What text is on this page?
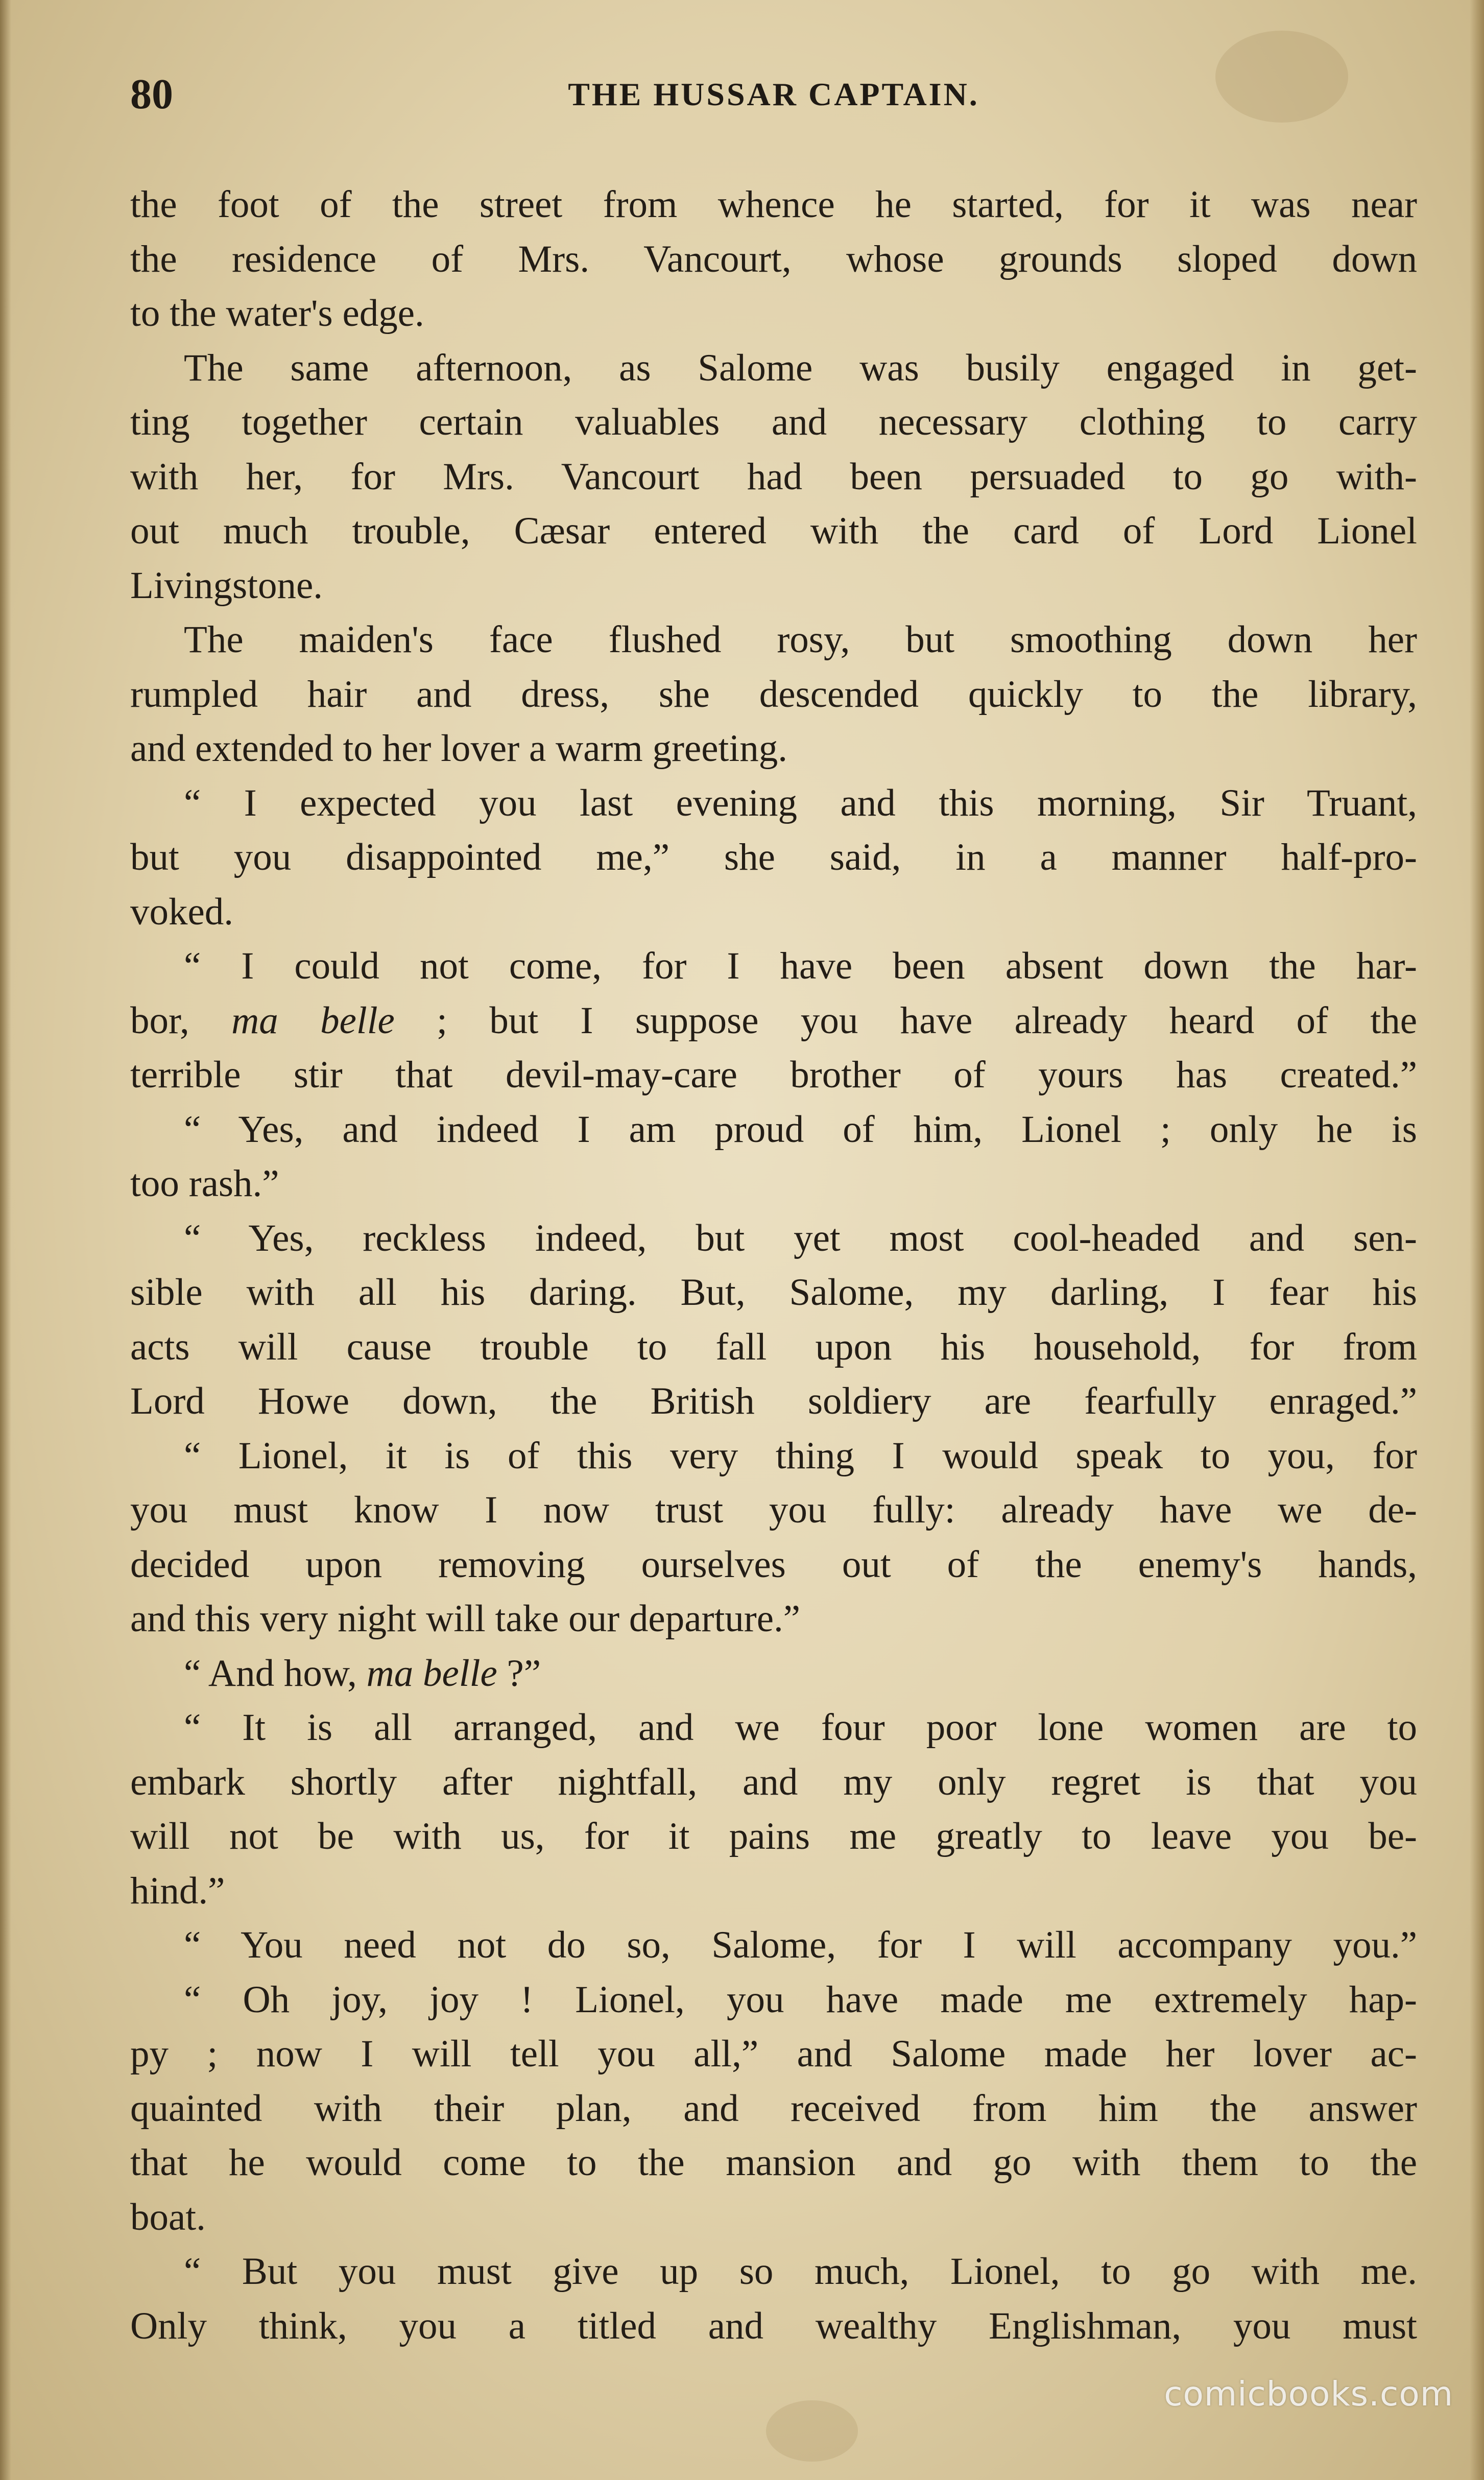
80	THE HUSSAR CAPTAIN.
the foot of the street from whence he started, for it was near
the residence of Mrs. Vancourt, whose grounds sloped down
to the water's edge.
The same afternoon, as Salome was busily engaged in get-
ting together certain valuables and necessary clothing to carry
with her, for Mrs. Vancourt had been persuaded to go with-
out much trouble, Cæsar entered with the card of Lord Lionel
Livingstone.
The maiden's face flushed rosy, but smoothing down her
rumpled hair and dress, she descended quickly to the library,
and extended to her lover a warm greeting.
“ I expected you last evening and this morning, Sir Truant,
but you disappointed me,” she said, in a manner half-pro-
voked.
“ I could not come, for I have been absent down the har-
bor, ma belle ; but I suppose you have already heard of the
terrible stir that devil-may-care brother of yours has created.”
“ Yes, and indeed I am proud of him, Lionel ; only he is
too rash.”
“ Yes, reckless indeed, but yet most cool-headed and sen-
sible with all his daring. But, Salome, my darling, I fear his
acts will cause trouble to fall upon his household, for from
Lord Howe down, the British soldiery are fearfully enraged.”
“ Lionel, it is of this very thing I would speak to you, for
you must know I now trust you fully: already have we de-
decided upon removing ourselves out of the enemy's hands,
and this very night will take our departure.”
“ And how, ma belle ?”
“ It is all arranged, and we four poor lone women are to
embark shortly after nightfall, and my only regret is that you
will not be with us, for it pains me greatly to leave you be-
hind.”
“ You need not do so, Salome, for I will accompany you.”
“ Oh joy, joy ! Lionel, you have made me extremely hap-
py ; now I will tell you all,” and Salome made her lover ac-
quainted with their plan, and received from him the answer
that he would come to the mansion and go with them to the
boat.
“ But you must give up so much, Lionel, to go with me.
Only think, you a titled and wealthy Englishman, you must
comicbooks.com
